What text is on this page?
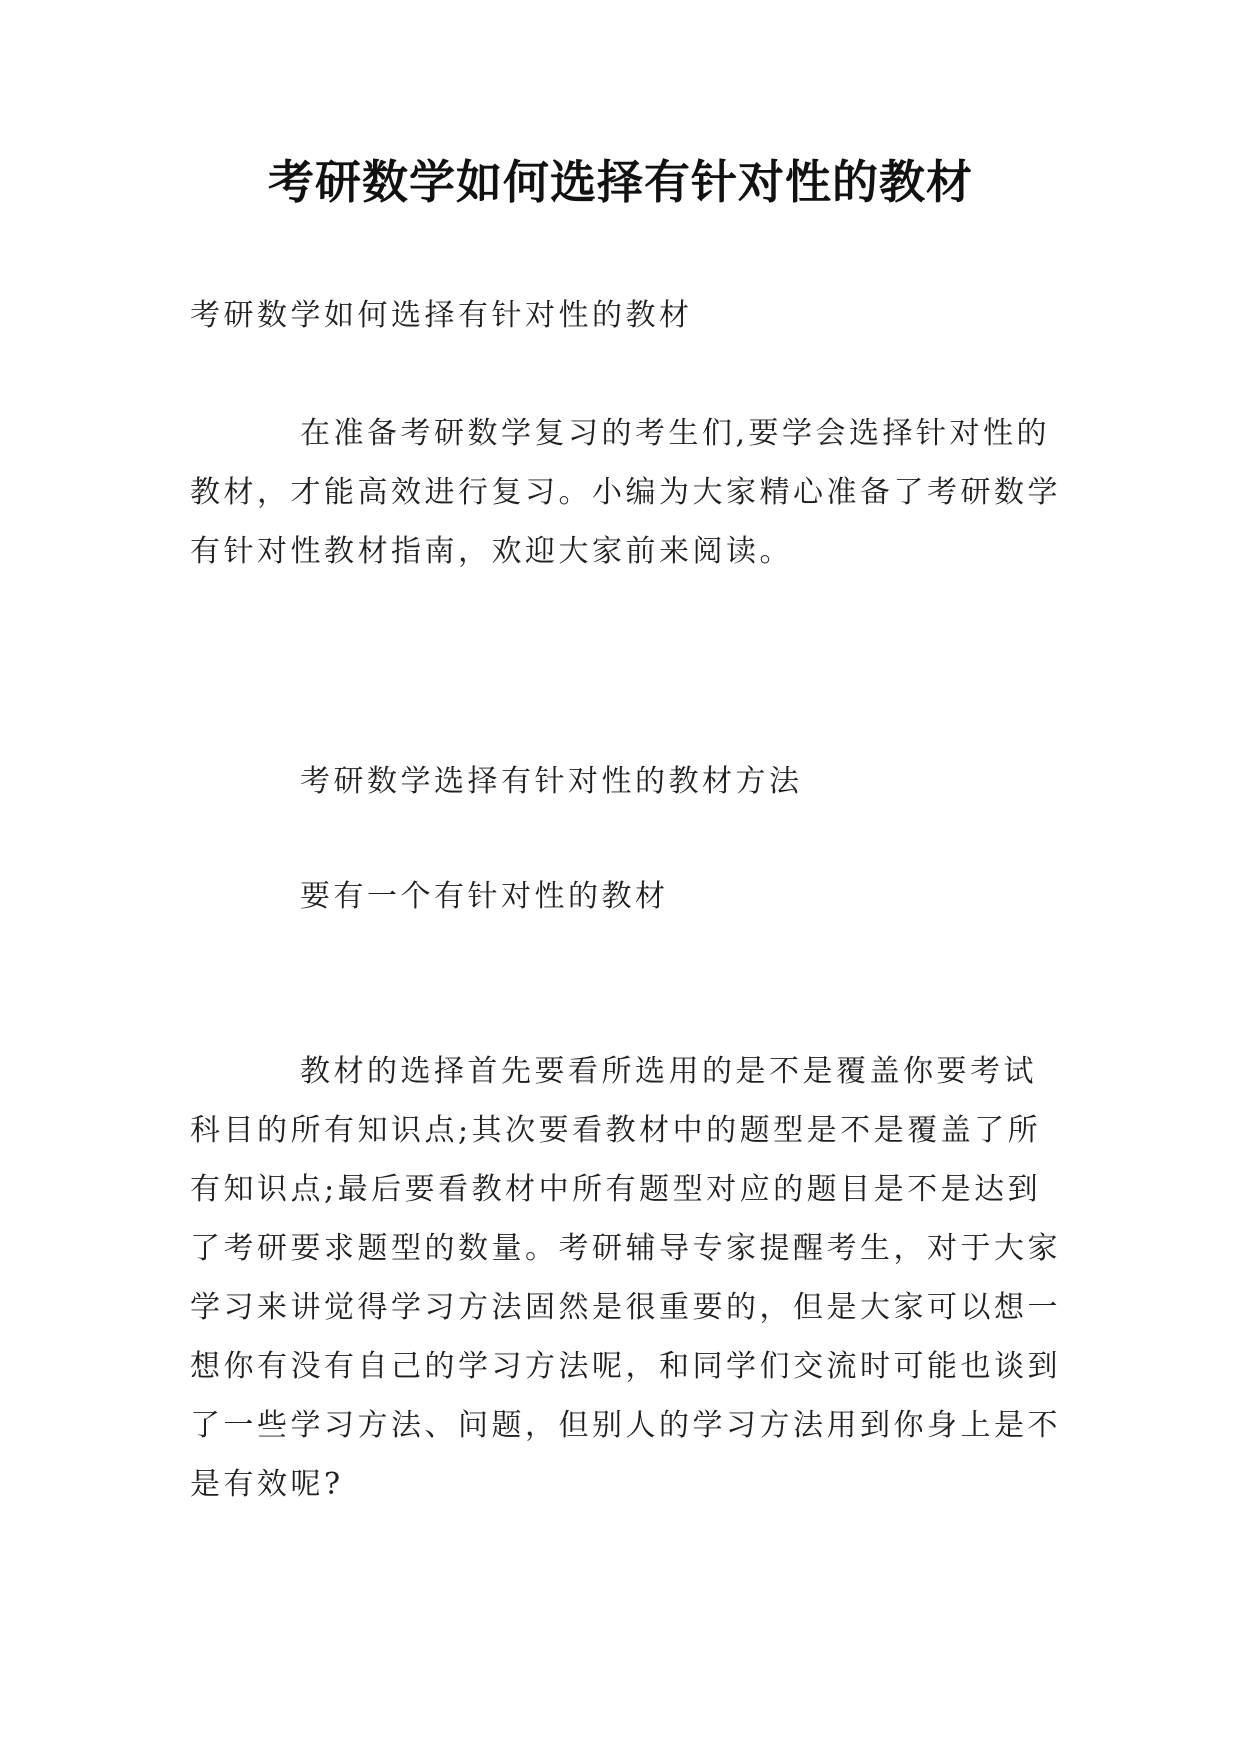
考研数学如何选择有针对性的教材

考研数学如何选择有针对性的教材

在准备考研数学复习的考生们,要学会选择针对性的
教材，才能高效进行复习。小编为大家精心准备了考研数学
有针对性教材指南，欢迎大家前来阅读。

考研数学选择有针对性的教材方法

要有一个有针对性的教材

教材的选择首先要看所选用的是不是覆盖你要考试
科目的所有知识点;其次要看教材中的题型是不是覆盖了所
有知识点;最后要看教材中所有题型对应的题目是不是达到
了考研要求题型的数量。考研辅导专家提醒考生，对于大家
学习来讲觉得学习方法固然是很重要的，但是大家可以想一
想你有没有自己的学习方法呢，和同学们交流时可能也谈到
了一些学习方法、问题，但别人的学习方法用到你身上是不
是有效呢?
